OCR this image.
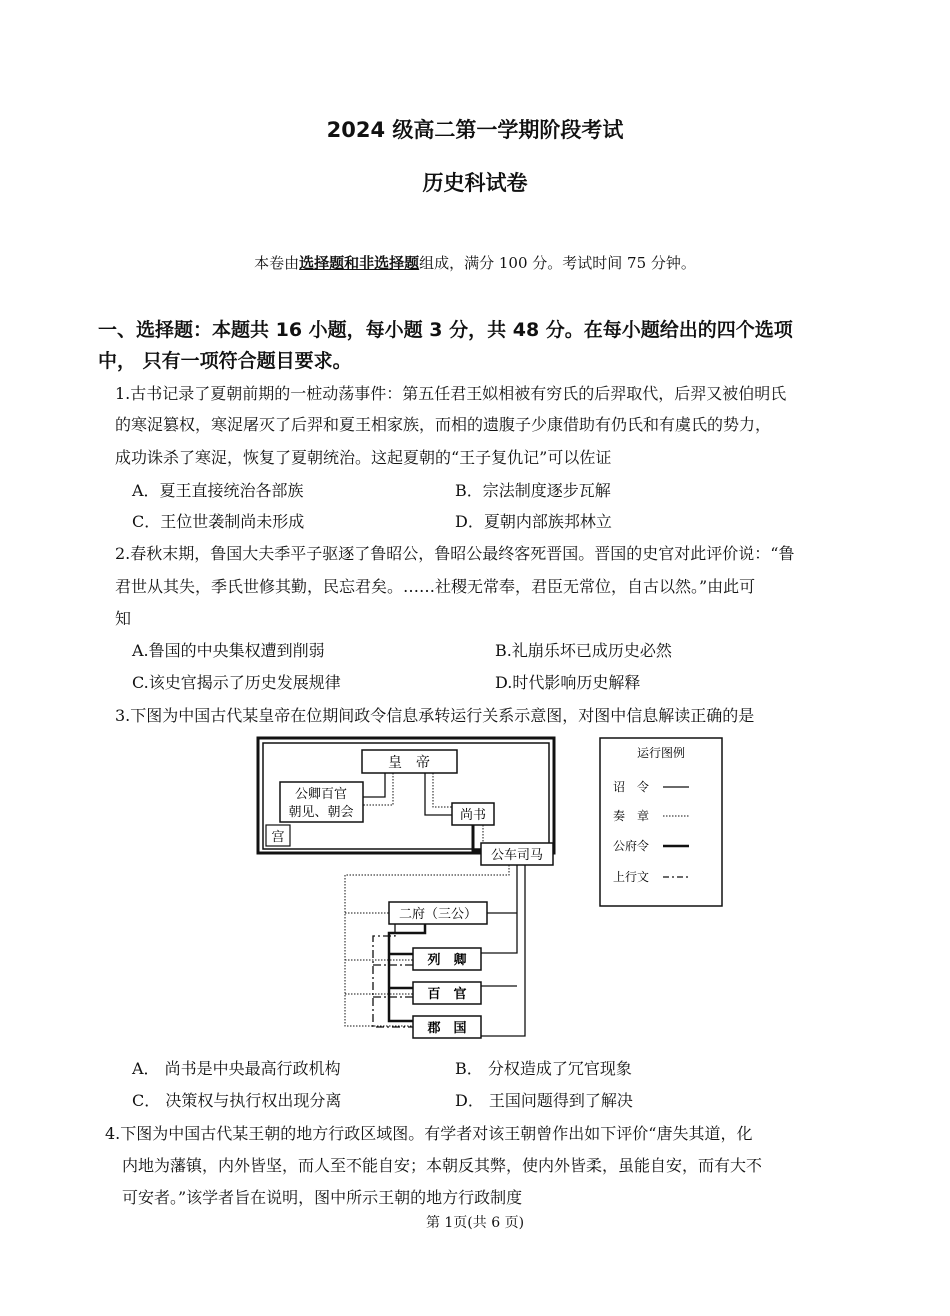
2024 级高二第一学期阶段考试
历史科试卷
本卷由选择题和非选择题组成，满分 100 分。考试时间 75 分钟。
一、选择题：本题共 16 小题，每小题 3 分，共 48 分。在每小题给出的四个选项
中， 只有一项符合题目要求。
1.古书记录了夏朝前期的一桩动荡事件：第五任君王姒相被有穷氏的后羿取代，后羿又被伯明氏
的寒浞篡权，寒浞屠灭了后羿和夏王相家族，而相的遗腹子少康借助有仍氏和有虞氏的势力，
成功诛杀了寒浞，恢复了夏朝统治。这起夏朝的“王子复仇记”可以佐证
A．夏王直接统治各部族	B．宗法制度逐步瓦解
C．王位世袭制尚未形成	D．夏朝内部族邦林立
2.春秋末期，鲁国大夫季平子驱逐了鲁昭公，鲁昭公最终客死晋国。晋国的史官对此评价说：“鲁
君世从其失，季氏世修其勤，民忘君矣。……社稷无常奉，君臣无常位，自古以然。”由此可
知
A.鲁国的中央集权遭到削弱	B.礼崩乐坏已成历史必然
C.该史官揭示了历史发展规律	D.时代影响历史解释
3.下图为中国古代某皇帝在位期间政令信息承转运行关系示意图，对图中信息解读正确的是
皇　帝
公卿百官
朝见、朝会
宫
尚书
公车司马
二府（三公）
列　卿
百　官
郡　国
运行图例
诏　令
奏　章
公府令
上行文
A． 尚书是中央最高行政机构	B． 分权造成了冗官现象
C． 决策权与执行权出现分离	D． 王国问题得到了解决
4.下图为中国古代某王朝的地方行政区域图。有学者对该王朝曾作出如下评价“唐失其道，化
内地为藩镇，内外皆坚，而人至不能自安；本朝反其弊，使内外皆柔，虽能自安，而有大不
可安者。”该学者旨在说明，图中所示王朝的地方行政制度
第 1页(共 6 页)
